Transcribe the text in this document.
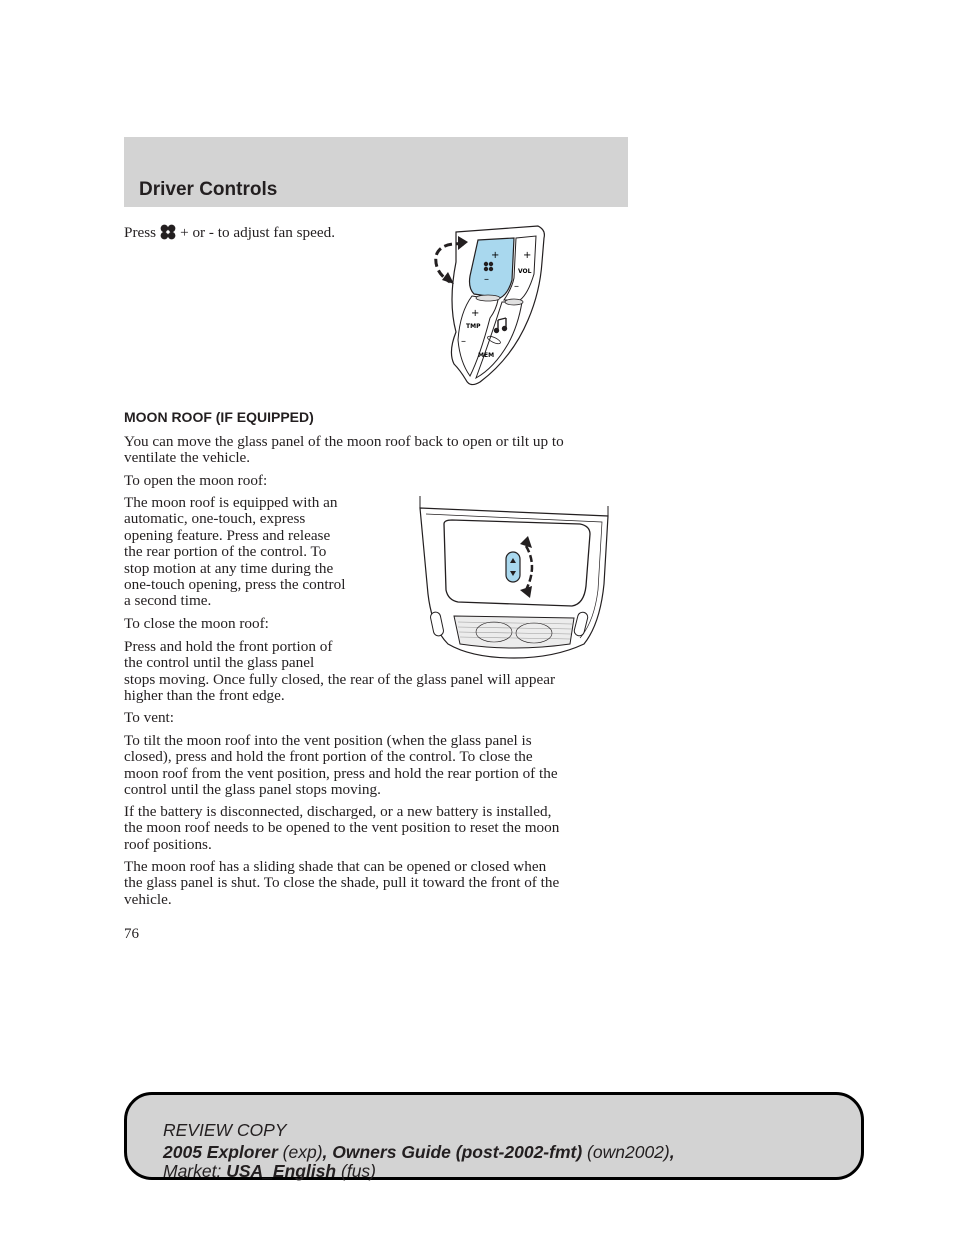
Driver Controls

Press + or - to adjust fan speed.

+
–
+
VOL
–
+
TMP
–
MEM
MOON ROOF (IF EQUIPPED)

You can move the glass panel of the moon roof back to open or tilt up to
ventilate the vehicle.

To open the moon roof:

The moon roof is equipped with an
automatic, one-touch, express
opening feature. Press and release
the rear portion of the control. To
stop motion at any time during the
one-touch opening, press the control
a second time.

To close the moon roof:

Press and hold the front portion of
the control until the glass panel
stops moving. Once fully closed, the rear of the glass panel will appear
higher than the front edge.

To vent:

To tilt the moon roof into the vent position (when the glass panel is
closed), press and hold the front portion of the control. To close the
moon roof from the vent position, press and hold the rear portion of the
control until the glass panel stops moving.

If the battery is disconnected, discharged, or a new battery is installed,
the moon roof needs to be opened to the vent position to reset the moon
roof positions.

The moon roof has a sliding shade that can be opened or closed when
the glass panel is shut. To close the shade, pull it toward the front of the
vehicle.

76
REVIEW COPY
2005 Explorer (exp), Owners Guide (post-2002-fmt) (own2002),
Market: USA_English (fus)
